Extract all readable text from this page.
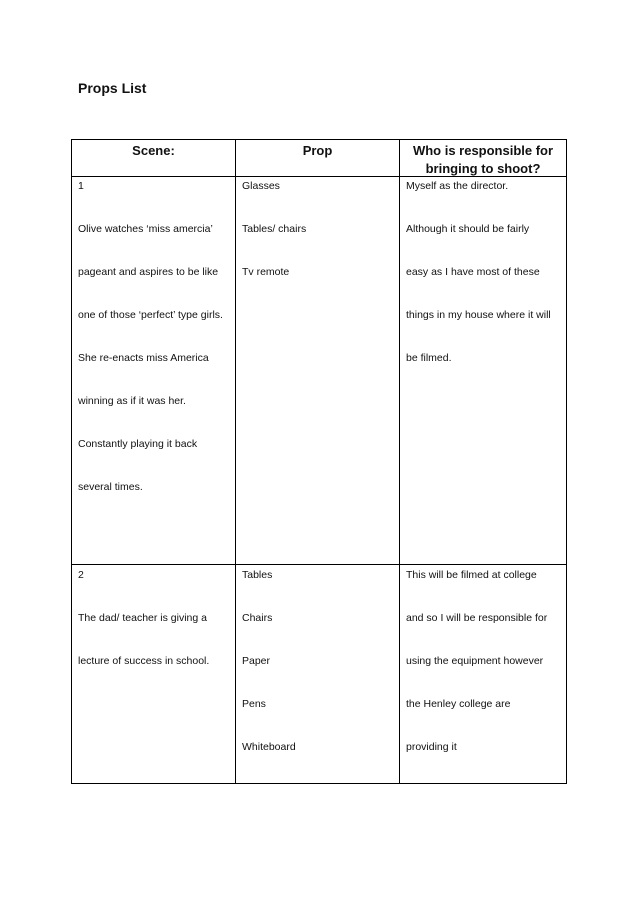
Props List
Scene:	Prop	Who is responsible for bringing to shoot?
1
Olive watches ‘miss amercia’
pageant and aspires to be like
one of those ‘perfect’ type girls.
She re-enacts miss America
winning as if it was her.
Constantly playing it back
several times.
Glasses
Tables/ chairs
Tv remote
Myself as the director.
Although it should be fairly
easy as I have most of these
things in my house where it will
be filmed.
2
The dad/ teacher is giving a
lecture of success in school.
Tables
Chairs
Paper
Pens
Whiteboard
This will be filmed at college
and so I will be responsible for
using the equipment however
the Henley college are
providing it
